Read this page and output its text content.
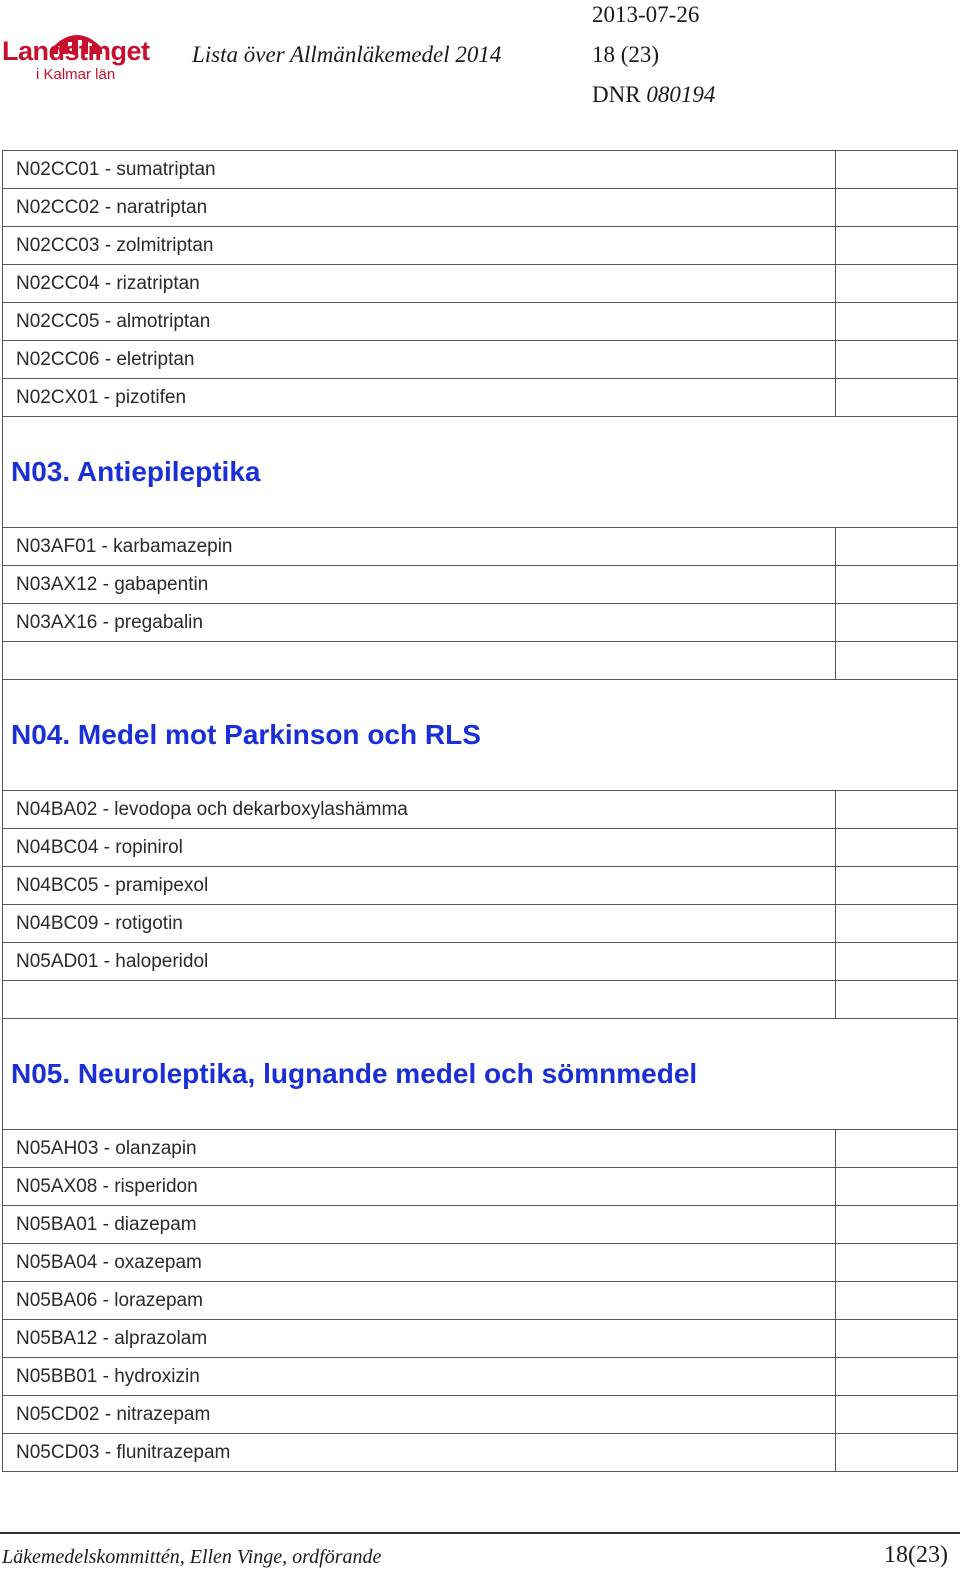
Landstinget
i Kalmar län
2013-07-26
Lista över Allmänläkemedel 2014	18 (23)
DNR 080194
N02CC01 - sumatriptan	
N02CC02 - naratriptan	
N02CC03 - zolmitriptan	
N02CC04 - rizatriptan	
N02CC05 - almotriptan	
N02CC06 - eletriptan	
N02CX01 - pizotifen	
N03. Antiepileptika	
N03AF01 - karbamazepin	
N03AX12 - gabapentin	
N03AX16 - pregabalin	

N04. Medel mot Parkinson och RLS	
N04BA02 - levodopa och dekarboxylashämma	
N04BC04 - ropinirol	
N04BC05 - pramipexol	
N04BC09 - rotigotin	
N05AD01 - haloperidol	

N05. Neuroleptika, lugnande medel och sömnmedel	
N05AH03 - olanzapin	
N05AX08 - risperidon	
N05BA01 - diazepam	
N05BA04 - oxazepam	
N05BA06 - lorazepam	
N05BA12 - alprazolam	
N05BB01 - hydroxizin	
N05CD02 - nitrazepam	
N05CD03 - flunitrazepam	
Läkemedelskommittén, Ellen Vinge, ordförande	18(23)
